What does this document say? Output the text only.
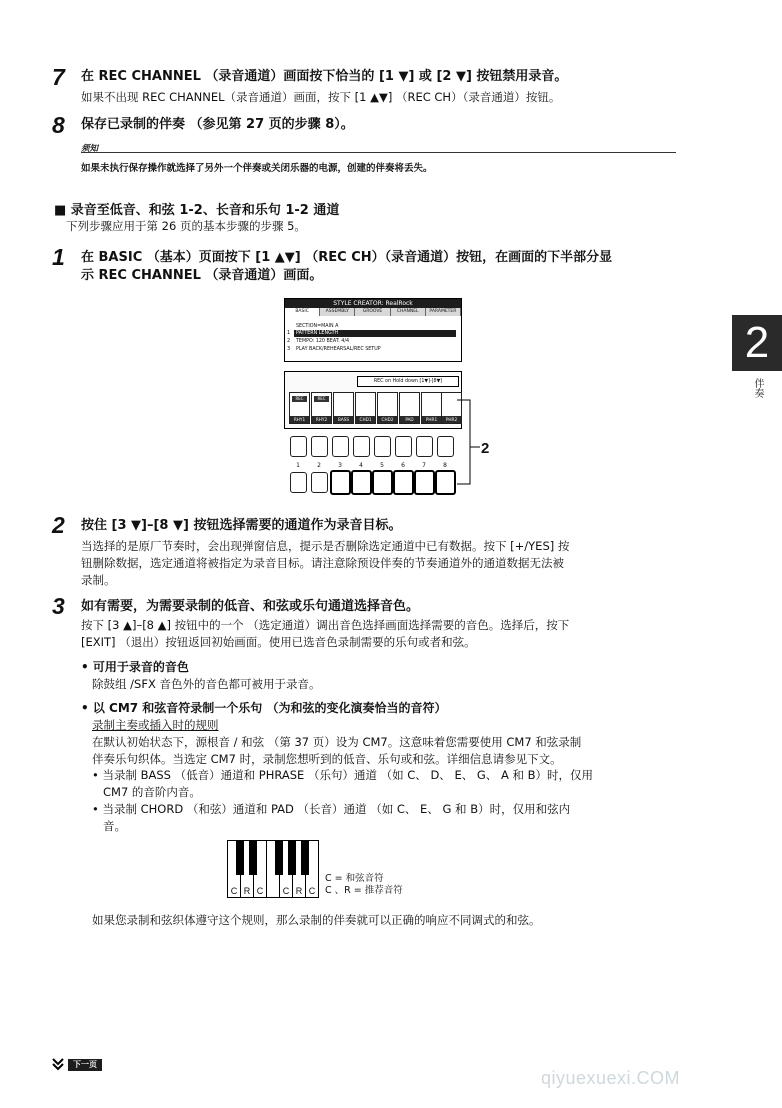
7 在 REC CHANNEL （录音通道）画面按下恰当的 [1 ▼] 或 [2 ▼] 按钮禁用录音。
如果不出现 REC CHANNEL（录音通道）画面，按下 [1 ▲▼] （REC CH）（录音通道）按钮。
8 保存已录制的伴奏 （参见第 27 页的步骤 8）。
须知
如果未执行保存操作就选择了另外一个伴奏或关闭乐器的电源，创建的伴奏将丢失。
■ 录音至低音、和弦 1-2、长音和乐句 1-2 通道
下列步骤应用于第 26 页的基本步骤的步骤 5。
1 在 BASIC （基本）页面按下 [1 ▲▼] （REC CH）（录音通道）按钮，在画面的下半部分显
示 REC CHANNEL （录音通道）画面。
2
伴奏
STYLE CREATOR: RealRock
BASIC	ASSEMBLY	GROOVE	CHANNEL	PARAMETER
SECTION=MAIN A
1	PATTERN LENGTH
2	TEMPO: 120 BEAT: 4/4
3	PLAY BACK/REHEARSAL/REC SETUP
REC on Hold down [1▼]-[8▼]
REC
RHY1
REC
RHY2	BASS	CHD1	CHD2	PAD	PHR1	PHR2
2
1	2	3	4	5	6	7	8
2 按住 [3 ▼]–[8 ▼] 按钮选择需要的通道作为录音目标。
当选择的是原厂节奏时，会出现弹窗信息，提示是否删除选定通道中已有数据。按下 [+/YES] 按
钮删除数据，选定通道将被指定为录音目标。请注意除预设伴奏的节奏通道外的通道数据无法被
录制。
3 如有需要，为需要录制的低音、和弦或乐句通道选择音色。
按下 [3 ▲]–[8 ▲] 按钮中的一个 （选定通道）调出音色选择画面选择需要的音色。选择后，按下
[EXIT] （退出）按钮返回初始画面。使用已选音色录制需要的乐句或者和弦。
• 可用于录音的音色
除鼓组 /SFX 音色外的音色都可被用于录音。
• 以 CM7 和弦音符录制一个乐句 （为和弦的变化演奏恰当的音符）
录制主奏或插入时的规则
在默认初始状态下，源根音 / 和弦 （第 37 页）设为 CM7。这意味着您需要使用 CM7 和弦录制
伴奏乐句织体。当选定 CM7 时，录制您想听到的低音、乐句或和弦。详细信息请参见下文。
• 当录制 BASS （低音）通道和 PHRASE （乐句）通道 （如 C、 D、 E、 G、 A 和 B）时，仅用
CM7 的音阶内音。
• 当录制 CHORD （和弦）通道和 PAD （长音）通道 （如 C、 E、 G 和 B）时，仅用和弦内
音。
C R C	C R C
C = 和弦音符
C 、R = 推荐音符
如果您录制和弦织体遵守这个规则，那么录制的伴奏就可以正确的响应不同调式的和弦。
下一页
qiyuexuexi.COM
